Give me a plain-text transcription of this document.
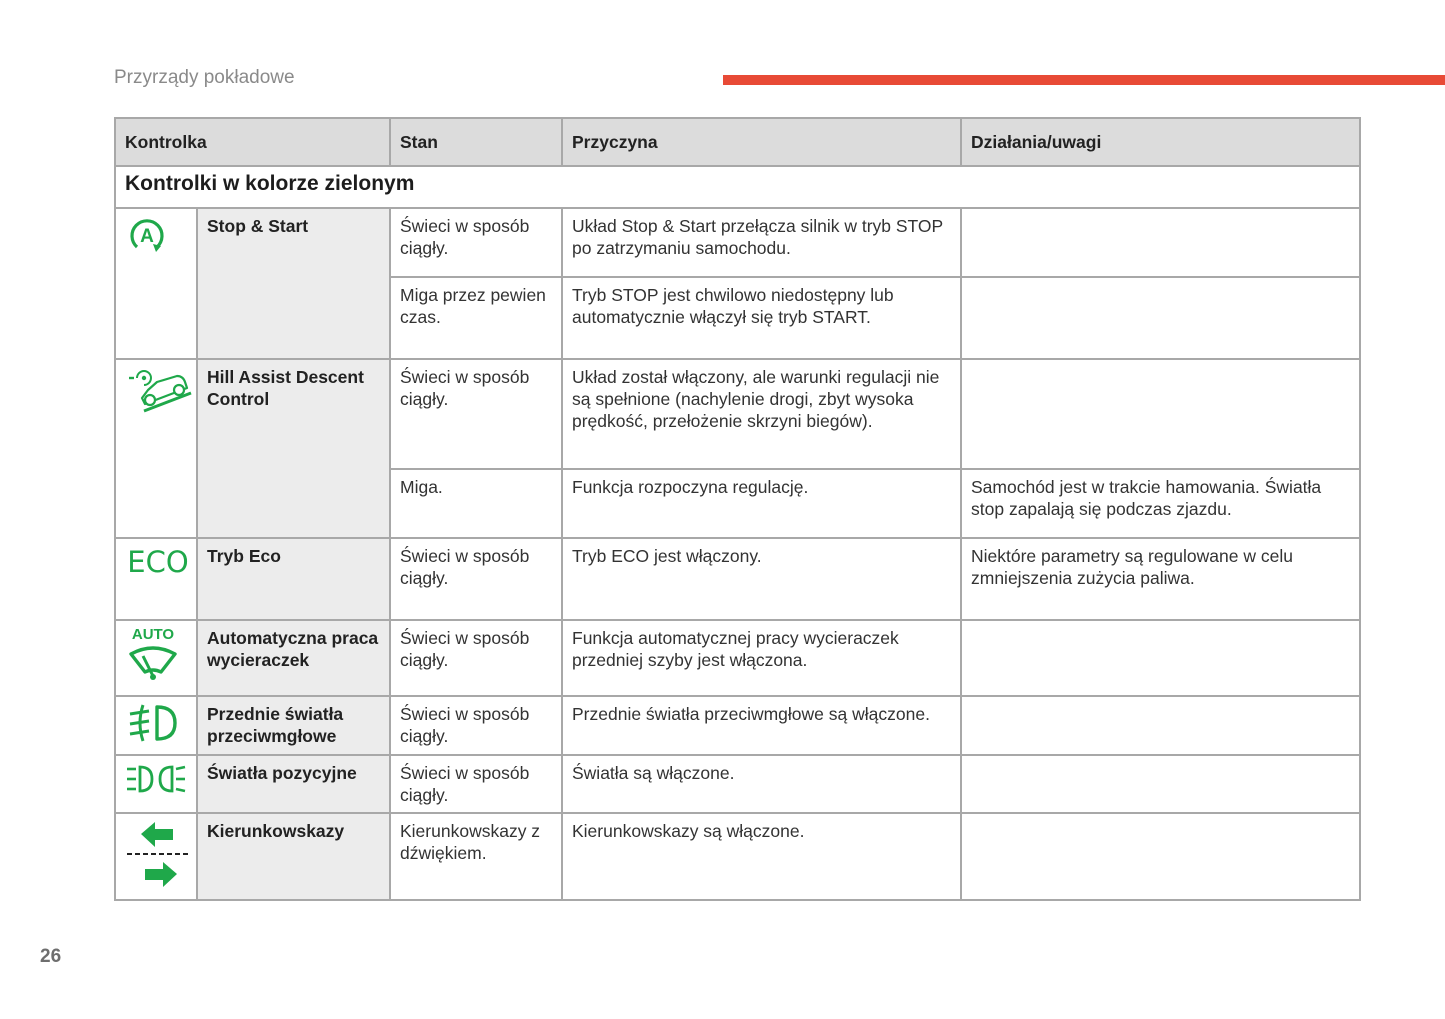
Przyrządy pokładowe
Kontrolka		Stan	Przyczyna	Działania/uwagi
Kontrolki w kolorze zielonym				

A	Stop & Start	Świeci w sposób ciągły.	Układ Stop & Start przełącza silnik w tryb STOP po zatrzymaniu samochodu.	
		Miga przez pewien czas.	Tryb STOP jest chwilowo niedostępny lub automatycznie włączył się tryb START.	

	Hill Assist Descent Control	Świeci w sposób ciągły.	Układ został włączony, ale warunki regulacji nie są spełnione (nachylenie drogi, zbyt wysoka prędkość, przełożenie skrzyni biegów).	
		Miga.	Funkcja rozpoczyna regulację.	Samochód jest w trakcie hamowania. Światła stop zapalają się podczas zjazdu.

ECO	Tryb Eco	Świeci w sposób ciągły.	Tryb ECO jest włączony.	Niektóre parametry są regulowane w celu zmniejszenia zużycia paliwa.

AUTO	Automatyczna praca wycieraczek	Świeci w sposób ciągły.	Funkcja automatycznej pracy wycieraczek przedniej szyby jest włączona.	

	Przednie światła przeciwmgłowe	Świeci w sposób ciągły.	Przednie światła przeciwmgłowe są włączone.	

	Światła pozycyjne	Świeci w sposób ciągły.	Światła są włączone.	

	Kierunkowskazy	Kierunkowskazy z dźwiękiem.	Kierunkowskazy są włączone.	
26
